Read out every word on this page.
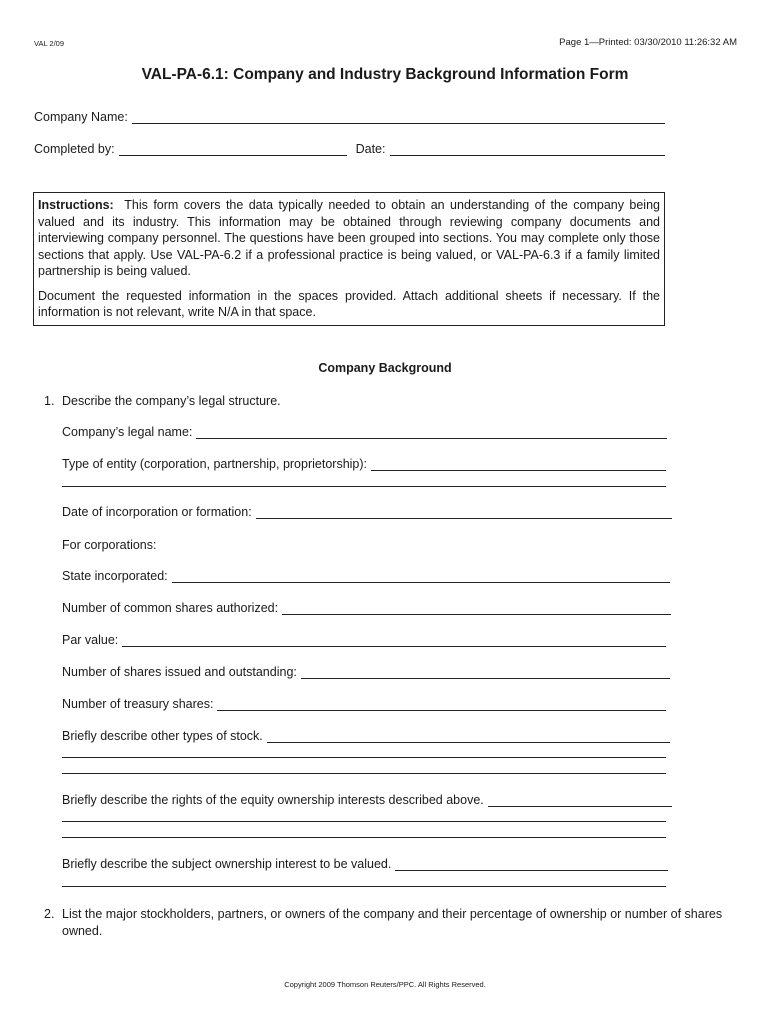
VAL 2/09	Page 1—Printed: 03/30/2010 11:26:32 AM
VAL-PA-6.1: Company and Industry Background Information Form
Company Name:
Completed by:	Date:

Instructions: This form covers the data typically needed to obtain an understanding of the company being valued and its industry. This information may be obtained through reviewing company documents and interviewing company personnel. The questions have been grouped into sections. You may complete only those sections that apply. Use VAL-PA-6.2 if a professional practice is being valued, or VAL-PA-6.3 if a family limited partnership is being valued.

Document the requested information in the spaces provided. Attach additional sheets if necessary. If the information is not relevant, write N/A in that space.

Company Background
1. Describe the company’s legal structure.
Company’s legal name:
Type of entity (corporation, partnership, proprietorship):
Date of incorporation or formation:
For corporations:
State incorporated:
Number of common shares authorized:
Par value:
Number of shares issued and outstanding:
Number of treasury shares:
Briefly describe other types of stock.
Briefly describe the rights of the equity ownership interests described above.
Briefly describe the subject ownership interest to be valued.
2. List the major stockholders, partners, or owners of the company and their percentage of ownership or number of shares owned.
Copyright 2009 Thomson Reuters/PPC. All Rights Reserved.
